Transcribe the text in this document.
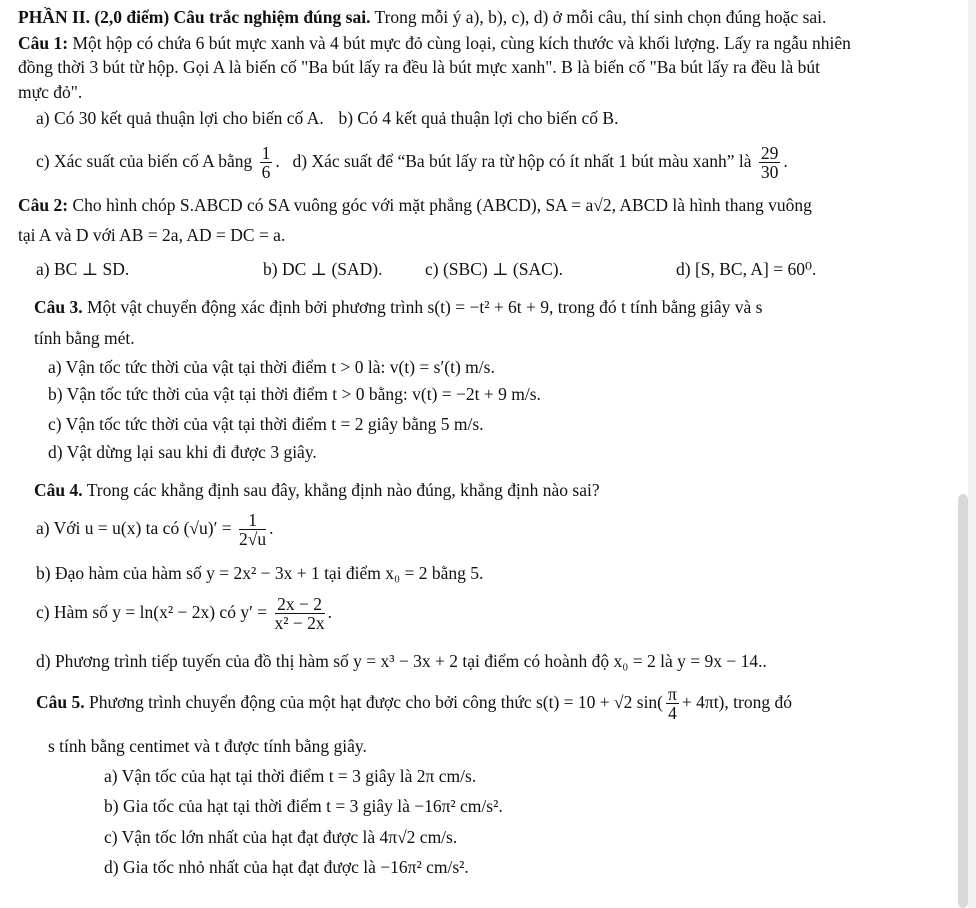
PHẦN II. (2,0 điểm) Câu trắc nghiệm đúng sai. Trong mỗi ý a), b), c), d) ở mỗi câu, thí sinh chọn đúng hoặc sai.
Câu 1: Một hộp có chứa 6 bút mực xanh và 4 bút mực đỏ cùng loại, cùng kích thước và khối lượng. Lấy ra ngẫu nhiên
đồng thời 3 bút từ hộp. Gọi A là biến cố "Ba bút lấy ra đều là bút mực xanh". B là biến cố "Ba bút lấy ra đều là bút
mực đỏ".
a) Có 30 kết quả thuận lợi cho biến cố A. b) Có 4 kết quả thuận lợi cho biến cố B.
c) Xác suất của biến cố A bằng $\frac{1}{6}$ .  d) Xác suất để “Ba bút lấy ra từ hộp có ít nhất 1 bút màu xanh” là $\frac{29}{30}$ .
Câu 2: Cho hình chóp S.ABCD có SA vuông góc với mặt phẳng (ABCD), SA = a√2, ABCD là hình thang vuông
tại A và D với AB = 2a, AD = DC = a.
a) BC ⊥ SD.	b) DC ⊥ (SAD). c) (SBC) ⊥ (SAC).	d) [S, BC, A] = 60⁰.
Câu 3. Một vật chuyển động xác định bởi phương trình s(t) = −t² + 6t + 9, trong đó t tính bằng giây và s
tính bằng mét.
a) Vận tốc tức thời của vật tại thời điểm t > 0 là: v(t) = s′(t) m/s.
b) Vận tốc tức thời của vật tại thời điểm t > 0 bằng: v(t) = −2t + 9 m/s.
c) Vận tốc tức thời của vật tại thời điểm t = 2 giây bằng 5 m/s.
d) Vật dừng lại sau khi đi được 3 giây.
Câu 4. Trong các khẳng định sau đây, khẳng định nào đúng, khẳng định nào sai?
a) Với u = u(x) ta có $(√u)' = \frac{1}{2√u}$ .
b) Đạo hàm của hàm số y = 2x² − 3x + 1 tại điểm x₀ = 2 bằng 5.
c) Hàm số y = ln(x² − 2x) có $y' = \frac{2x - 2}{\text{x² − 2x}}$ .
d) Phương trình tiếp tuyến của đồ thị hàm số y = x³ − 3x + 2 tại điểm có hoành độ x₀ = 2 là y = 9x − 14..
Câu 5. Phương trình chuyển động của một hạt được cho bởi công thức s(t) = 10 + √2 $\sin( \frac{\pi}{4} + 4\pi t)$, trong đó
s tính bằng centimet và t được tính bằng giây.
a) Vận tốc của hạt tại thời điểm t = 3 giây là 2π cm/s.
b) Gia tốc của hạt tại thời điểm t = 3 giây là −16π² cm/s².
c) Vận tốc lớn nhất của hạt đạt được là 4π√2 cm/s.
d) Gia tốc nhỏ nhất của hạt đạt được là −16π² cm/s².
